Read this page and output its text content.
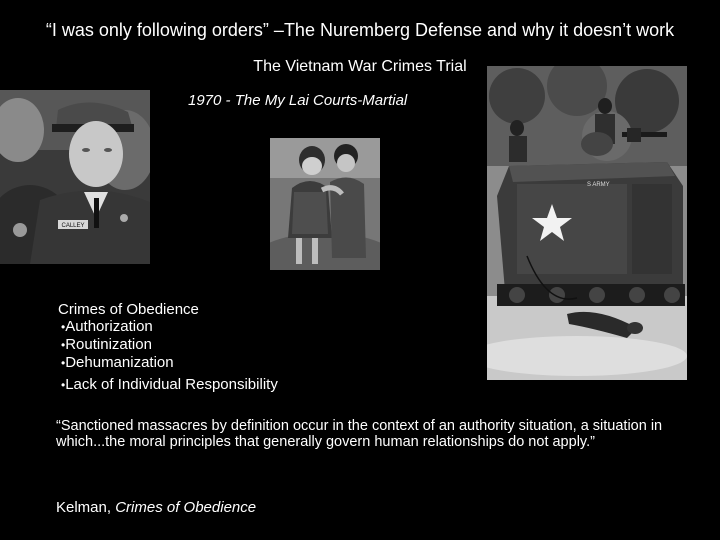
“I was only following orders” –The Nuremberg Defense and why it doesn’t work
The Vietnam War Crimes Trial
1970 - The My Lai Courts-Martial
CALLEY
S ARMY
Crimes of Obedience
•Authorization
•Routinization
•Dehumanization
•Lack of Individual Responsibility
“Sanctioned massacres by definition occur in the context of an authority situation, a situation in which...the moral principles that generally govern human relationships do not apply.”
Kelman, Crimes of Obedience
